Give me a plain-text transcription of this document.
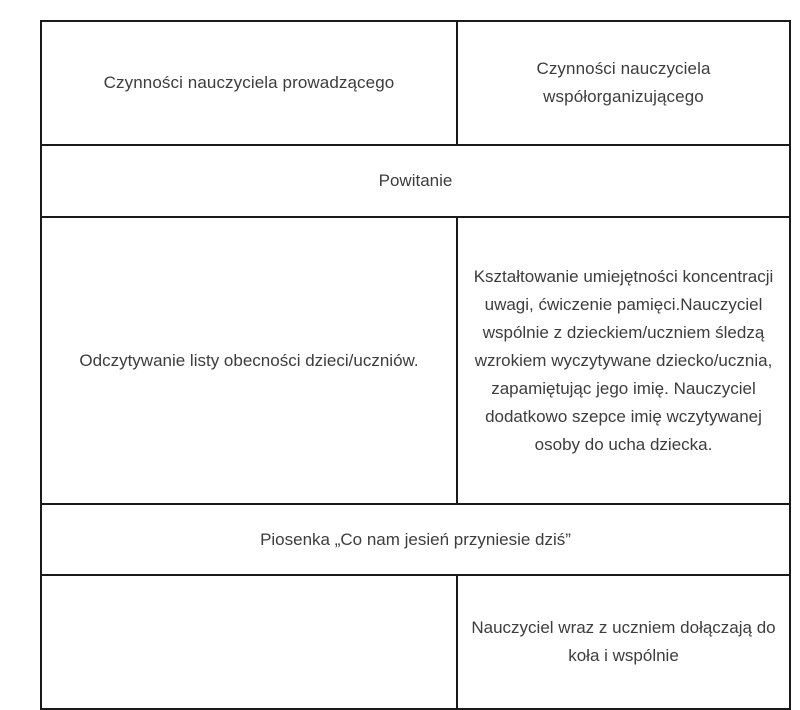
Czynności nauczyciela prowadzącego	Czynności nauczyciela współorganizującego
Powitanie	
Odczytywanie listy obecności dzieci/uczniów.	Kształtowanie umiejętności koncentracji uwagi, ćwiczenie pamięci.Nauczyciel wspólnie z dzieckiem/uczniem śledzą wzrokiem wyczytywane dziecko/ucznia, zapamiętując jego imię. Nauczyciel dodatkowo szepce imię wczytywanej osoby do ucha dziecka.
Piosenka „Co nam jesień przyniesie dziś”	
	Nauczyciel wraz z uczniem dołączają do koła i wspólnie
